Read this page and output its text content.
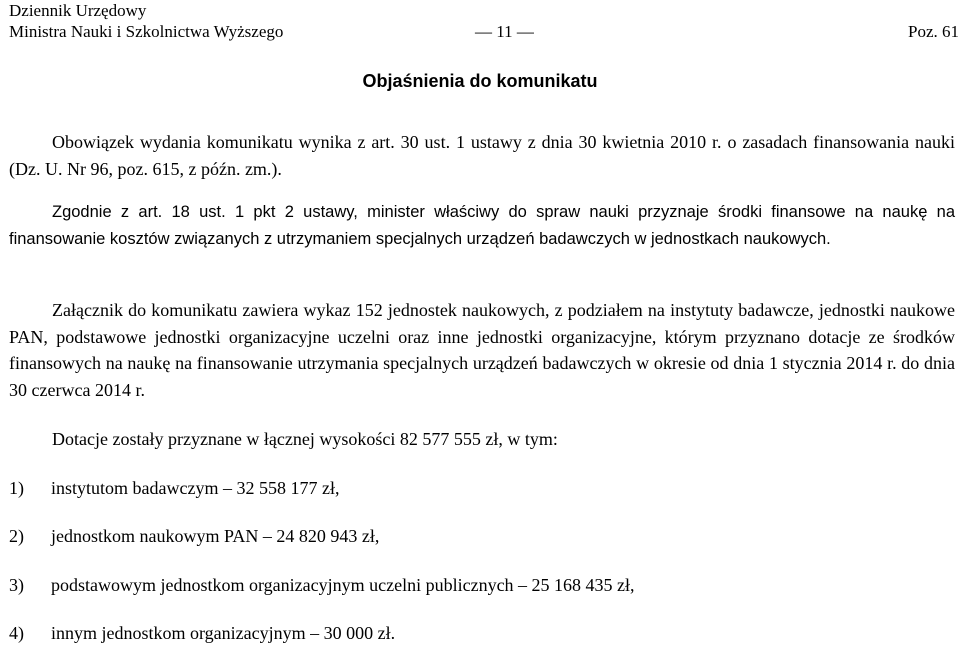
Dziennik Urzędowy
Ministra Nauki i Szkolnictwa Wyższego	— 11 —	Poz. 61
Objaśnienia do komunikatu
Obowiązek wydania komunikatu wynika z art. 30 ust. 1 ustawy z dnia 30 kwietnia 2010 r. o zasadach finansowania nauki (Dz. U. Nr 96, poz. 615, z późn. zm.).
Zgodnie z art. 18 ust. 1 pkt 2 ustawy, minister właściwy do spraw nauki przyznaje środki finansowe na naukę na finansowanie kosztów związanych z utrzymaniem specjalnych urządzeń badawczych w jednostkach naukowych.
Załącznik do komunikatu zawiera wykaz 152 jednostek naukowych, z podziałem na instytuty badawcze, jednostki naukowe PAN, podstawowe jednostki organizacyjne uczelni oraz inne jednostki organizacyjne, którym przyznano dotacje ze środków finansowych na naukę na finansowanie utrzymania specjalnych urządzeń badawczych w okresie od dnia 1 stycznia 2014 r. do dnia 30 czerwca 2014 r.
Dotacje zostały przyznane w łącznej wysokości 82 577 555 zł, w tym:
1) instytutom badawczym – 32 558 177 zł,
2) jednostkom naukowym PAN – 24 820 943 zł,
3) podstawowym jednostkom organizacyjnym uczelni publicznych – 25 168 435 zł,
4) innym jednostkom organizacyjnym – 30 000 zł.
